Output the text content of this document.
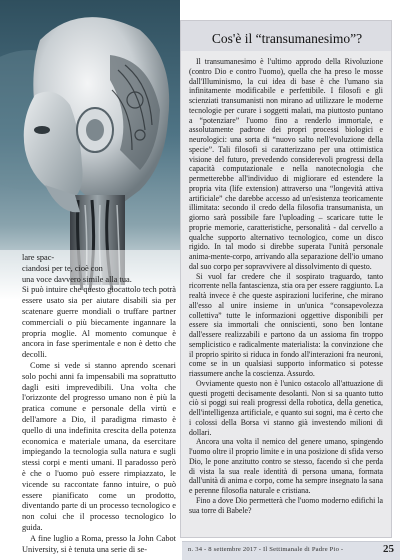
lare spac-
ciandosi per te, cioè con
una voce davvero simile alla tua.

Si può intuire che questo giocattolo tech potrà essere usato sia per aiutare disabili sia per scatenare guerre mondiali o truffare partner commerciali o più biecamente ingannare la propria moglie. Al momento comunque è ancora in fase sperimentale e non è detto che decolli.

Come si vede si stanno aprendo scenari solo pochi anni fa impensabili ma soprattutto dagli esiti imprevedibili. Una volta che l'orizzonte del progresso umano non è più la pratica comune e personale della virtù e dell'amore a Dio, il paradigma rimasto è quello di una indefinita crescita della potenza economica e materiale umana, da esercitare impiegando la tecnologia sulla natura e sugli stessi corpi e menti umani. Il paradosso però è che o l'uomo può essere rimpiazzato, le vicende su raccontate fanno intuire, o può essere pianificato come un prodotto, diventando parte di un processo tecnologico e non colui che il processo tecnologico lo guida.

A fine luglio a Roma, presso la John Cabot University, si è tenuta una serie di se-

Cos'è il “transumanesimo”?

Il transumanesimo è l'ultimo approdo della Rivoluzione (contro Dio e contro l'uomo), quella che ha preso le mosse dall'Illuminismo, la cui idea di base è che l'umano sia infinitamente modificabile e perfettibile. I filosofi e gli scienziati transumanisti non mirano ad utilizzare le moderne tecnologie per curare i soggetti malati, ma piuttosto puntano a “potenziare” l'uomo fino a renderlo immortale, e assolutamente padrone dei propri processi biologici e neurologici: una sorta di “nuovo salto nell'evoluzione della specie”. Tali filosofi si caratterizzano per una ottimistica visione del futuro, prevedendo considerevoli progressi della capacità computazionale e nella nanotecnologia che permetterebbe all'individuo di migliorare ed estendere la propria vita (life extension) attraverso una “longevità attiva artificiale” che darebbe accesso ad un'esistenza teoricamente illimitata: secondo il credo della filosofia transumanista, un giorno sarà possibile fare l'uploading – scaricare tutte le proprie memorie, caratteristiche, personalità - dal cervello a qualche supporto alternativo tecnologico, come un disco rigido. In tal modo si direbbe superata l'unità personale anima-mente-corpo, arrivando alla separazione dell'io umano dal suo corpo per sopravvivere al dissolvimento di questo.

Si vuol far credere che il sospirato traguardo, tanto ricorrente nella fantascienza, stia ora per essere raggiunto. La realtà invece è che queste aspirazioni luciferine, che mirano all'esso al unire insieme in un'unica “consapevolezza collettiva” tutte le informazioni oggettive disponibili per essere sia immortali che onniscienti, sono ben lontane dall'essere realizzabili e partono da un assioma fin troppo semplicistico e radicalmente materialista: la convinzione che il proprio spirito si riduca in fondo all'interazioni fra neuroni, come se in un qualsiasi supporto informatico si potesse riassumere anche la coscienza. Assurdo.

Ovviamente questo non è l'unico ostacolo all'attuazione di questi progetti decisamente desolanti. Non si sa quanto tutto ciò si poggi sui reali progressi della robotica, della genetica, dell'intelligenza artificiale, e quanto sui sogni, ma è certo che i colossi della Borsa vi stanno già investendo milioni di dollari.

Ancora una volta il nemico del genere umano, spingendo l'uomo oltre il proprio limite e in una posizione di sfida verso Dio, le pone anzitutto contro se stesso, facendo sì che perda di vista la sua reale identità di persona umana, formata dall'unità di anima e corpo, come ha sempre insegnato la sana e perenne filosofia naturale e cristiana.

Fino a dove Dio permetterà che l'uomo moderno edifichi la sua torre di Babele?

n. 34 - 8 settembre 2017 - Il Settimanale di Padre Pio -	25
